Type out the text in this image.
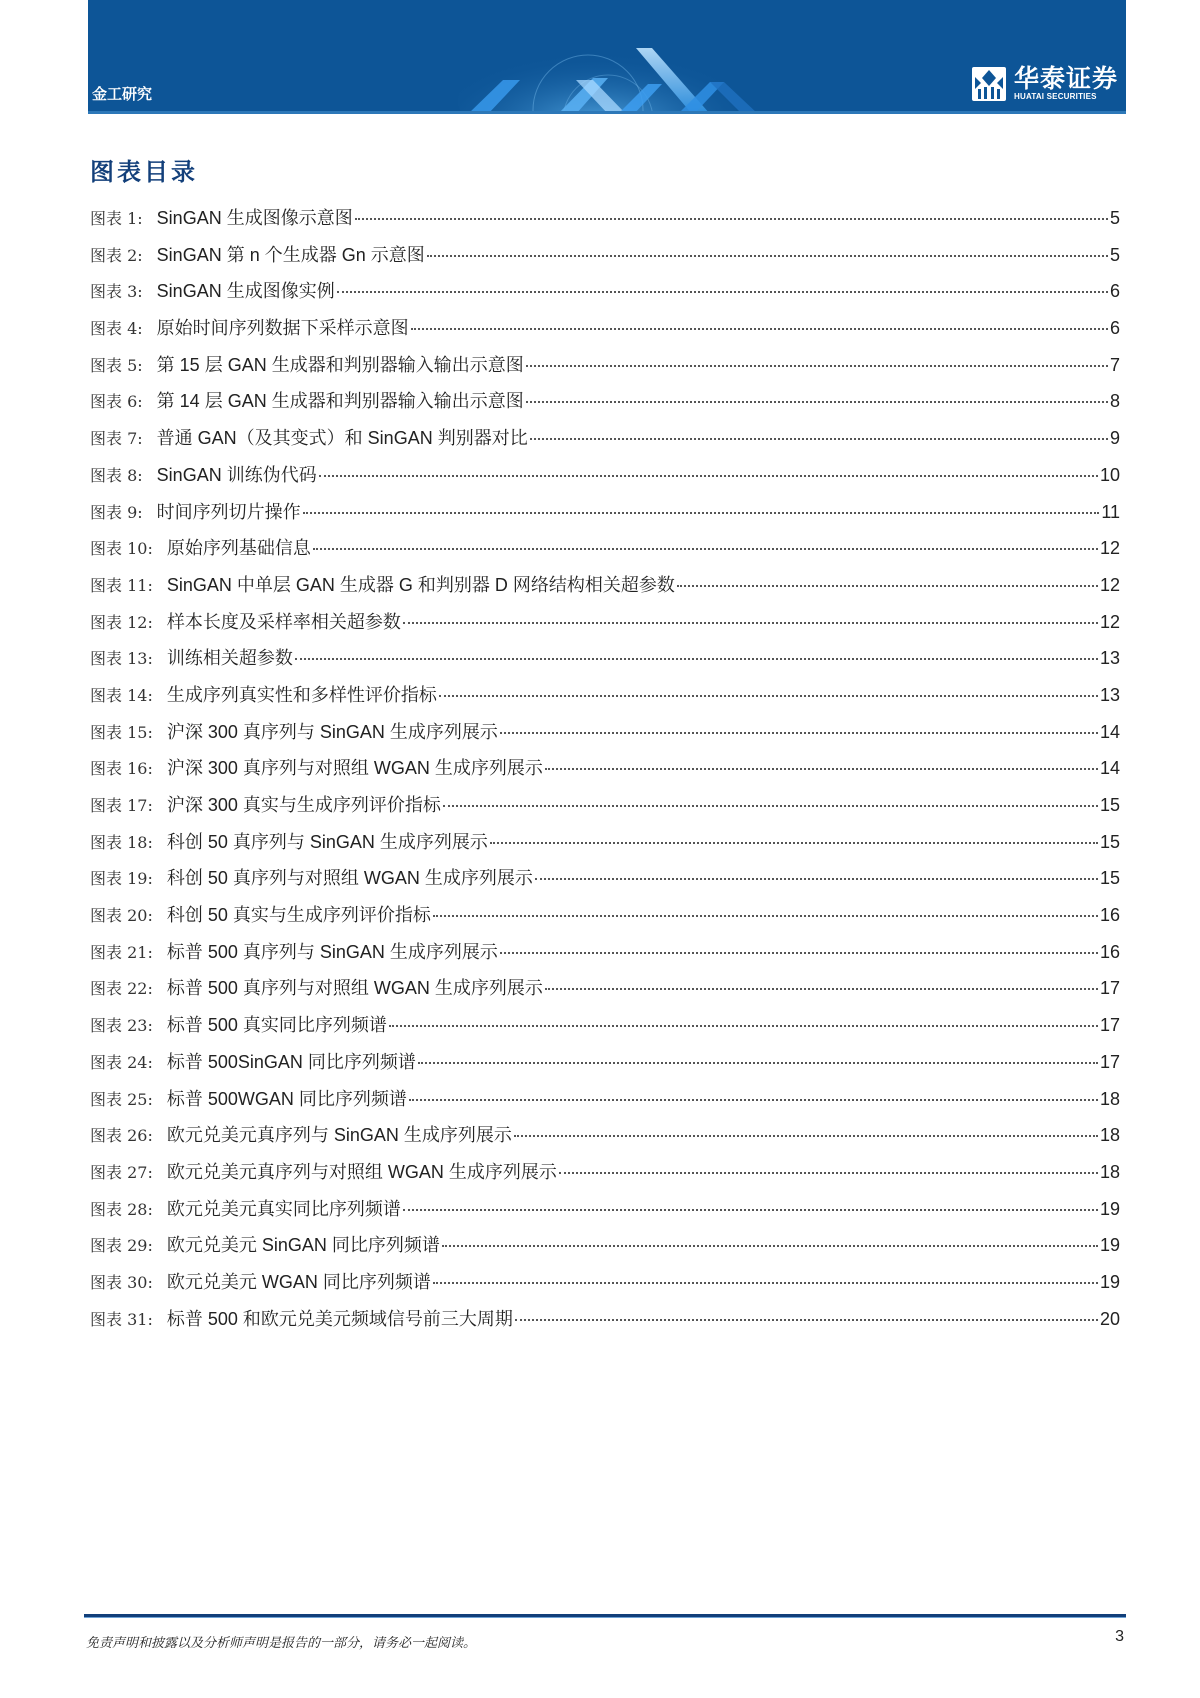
金工研究
华泰证券
HUATAI SECURITIES
图表目录
图表 1: SinGAN 生成图像示意图	5
图表 2: SinGAN 第 n 个生成器 Gn 示意图	5
图表 3: SinGAN 生成图像实例	6
图表 4: 原始时间序列数据下采样示意图	6
图表 5: 第 15 层 GAN 生成器和判别器输入输出示意图	7
图表 6: 第 14 层 GAN 生成器和判别器输入输出示意图	8
图表 7: 普通 GAN（及其变式）和 SinGAN 判别器对比	9
图表 8: SinGAN 训练伪代码	10
图表 9: 时间序列切片操作	11
图表 10: 原始序列基础信息	12
图表 11: SinGAN 中单层 GAN 生成器 G 和判别器 D 网络结构相关超参数	12
图表 12: 样本长度及采样率相关超参数	12
图表 13: 训练相关超参数	13
图表 14: 生成序列真实性和多样性评价指标	13
图表 15: 沪深 300 真序列与 SinGAN 生成序列展示	14
图表 16: 沪深 300 真序列与对照组 WGAN 生成序列展示	14
图表 17: 沪深 300 真实与生成序列评价指标	15
图表 18: 科创 50 真序列与 SinGAN 生成序列展示	15
图表 19: 科创 50 真序列与对照组 WGAN 生成序列展示	15
图表 20: 科创 50 真实与生成序列评价指标	16
图表 21: 标普 500 真序列与 SinGAN 生成序列展示	16
图表 22: 标普 500 真序列与对照组 WGAN 生成序列展示	17
图表 23: 标普 500 真实同比序列频谱	17
图表 24: 标普 500SinGAN 同比序列频谱	17
图表 25: 标普 500WGAN 同比序列频谱	18
图表 26: 欧元兑美元真序列与 SinGAN 生成序列展示	18
图表 27: 欧元兑美元真序列与对照组 WGAN 生成序列展示	18
图表 28: 欧元兑美元真实同比序列频谱	19
图表 29: 欧元兑美元 SinGAN 同比序列频谱	19
图表 30: 欧元兑美元 WGAN 同比序列频谱	19
图表 31: 标普 500 和欧元兑美元频域信号前三大周期	20
免责声明和披露以及分析师声明是报告的一部分，请务必一起阅读。	3
